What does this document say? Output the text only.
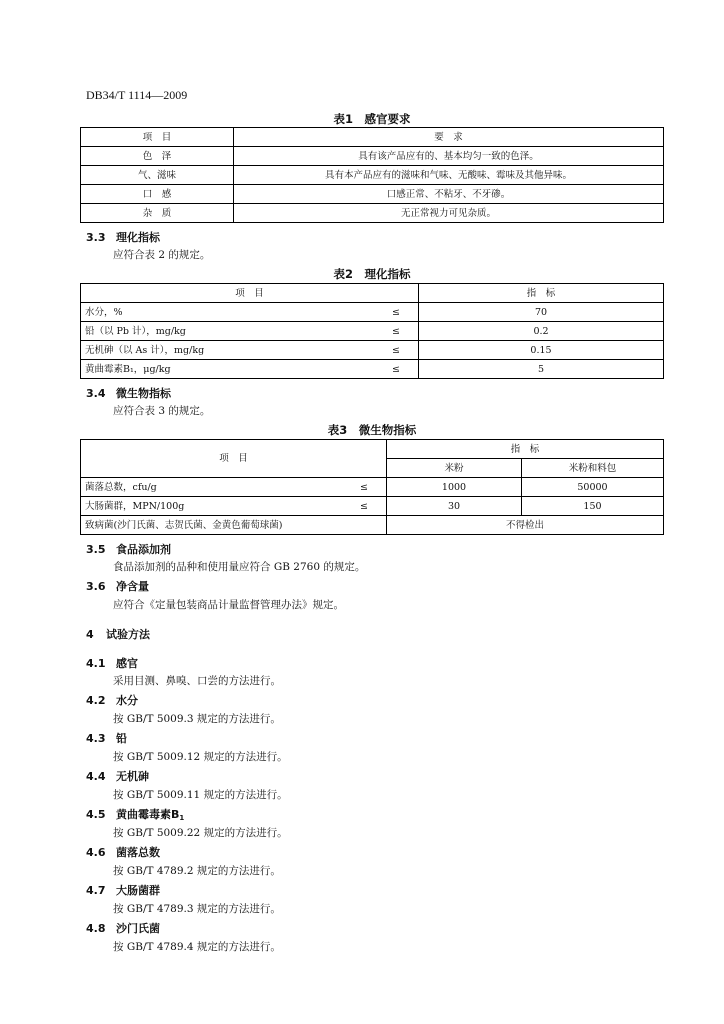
DB34/T 1114—2009
表1　感官要求
项　目	要　求
色　泽	具有该产品应有的、基本均匀一致的色泽。
气、滋味	具有本产品应有的滋味和气味、无酸味、霉味及其他异味。
口　感	口感正常、不粘牙、不牙碜。
杂　质	无正常视力可见杂质。
3.3 理化指标
应符合表 2 的规定。
表2　理化指标
项　目	指　标
水分，% ≤	70
铅（以 Pb 计），mg/kg ≤	0.2
无机砷（以 As 计），mg/kg ≤	0.15
黄曲霉素B₁，μg/kg ≤	5
3.4 微生物指标
应符合表 3 的规定。
表3　微生物指标
项　目	指　标	
	米粉	米粉和料包
菌落总数，cfu/g ≤	1000	50000
大肠菌群，MPN/100g ≤	30	150
致病菌(沙门氏菌、志贺氏菌、金黄色葡萄球菌)	不得检出	
3.5 食品添加剂
食品添加剂的品种和使用量应符合 GB 2760 的规定。
3.6 净含量
应符合《定量包装商品计量监督管理办法》规定。
4 试验方法
4.1 感官
采用目测、鼻嗅、口尝的方法进行。
4.2 水分
按 GB/T 5009.3 规定的方法进行。
4.3 铅
按 GB/T 5009.12 规定的方法进行。
4.4 无机砷
按 GB/T 5009.11 规定的方法进行。
4.5 黄曲霉毒素$B_1$
按 GB/T 5009.22 规定的方法进行。
4.6 菌落总数
按 GB/T 4789.2 规定的方法进行。
4.7 大肠菌群
按 GB/T 4789.3 规定的方法进行。
4.8 沙门氏菌
按 GB/T 4789.4 规定的方法进行。
